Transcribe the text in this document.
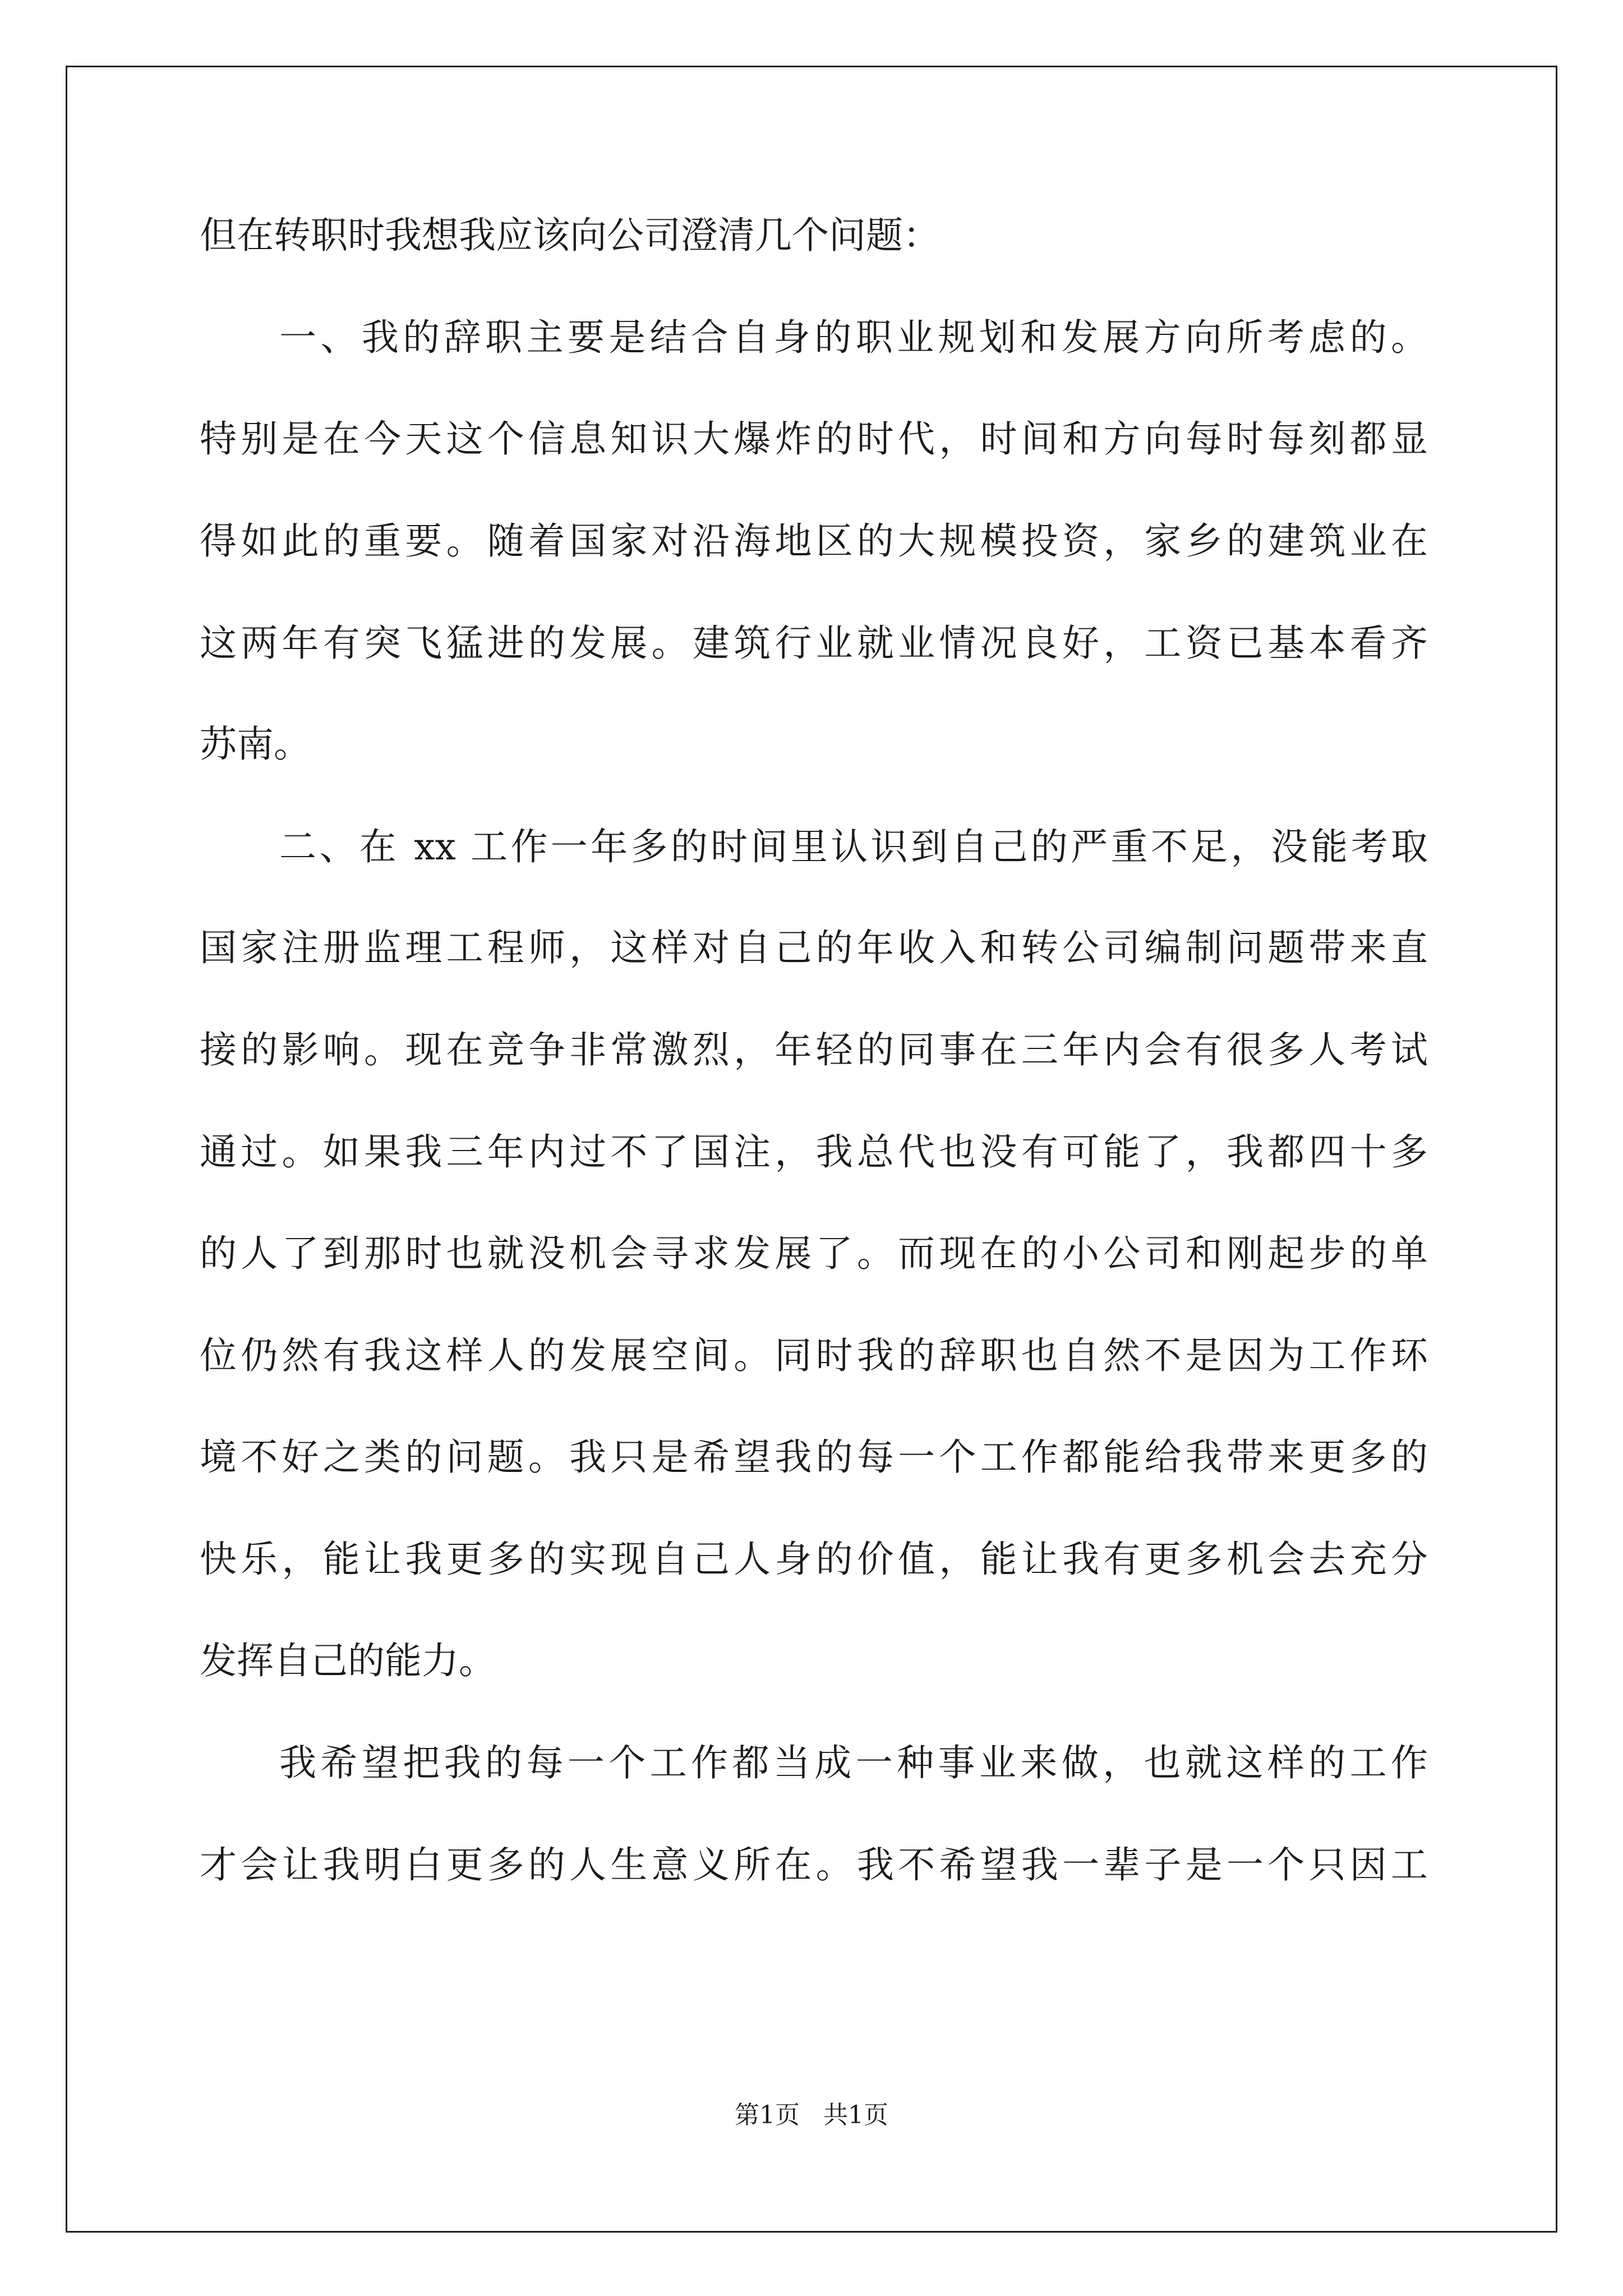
但在转职时我想我应该向公司澄清几个问题：
一、我的辞职主要是结合自身的职业规划和发展方向所考虑的。
特别是在今天这个信息知识大爆炸的时代，时间和方向每时每刻都显
得如此的重要。随着国家对沿海地区的大规模投资，家乡的建筑业在
这两年有突飞猛进的发展。建筑行业就业情况良好，工资已基本看齐
苏南。
二、在 xx 工作一年多的时间里认识到自己的严重不足，没能考取
国家注册监理工程师，这样对自己的年收入和转公司编制问题带来直
接的影响。现在竞争非常激烈，年轻的同事在三年内会有很多人考试
通过。如果我三年内过不了国注，我总代也没有可能了，我都四十多
的人了到那时也就没机会寻求发展了。而现在的小公司和刚起步的单
位仍然有我这样人的发展空间。同时我的辞职也自然不是因为工作环
境不好之类的问题。我只是希望我的每一个工作都能给我带来更多的
快乐，能让我更多的实现自己人身的价值，能让我有更多机会去充分
发挥自己的能力。
我希望把我的每一个工作都当成一种事业来做，也就这样的工作
才会让我明白更多的人生意义所在。我不希望我一辈子是一个只因工
第1页   共1页
